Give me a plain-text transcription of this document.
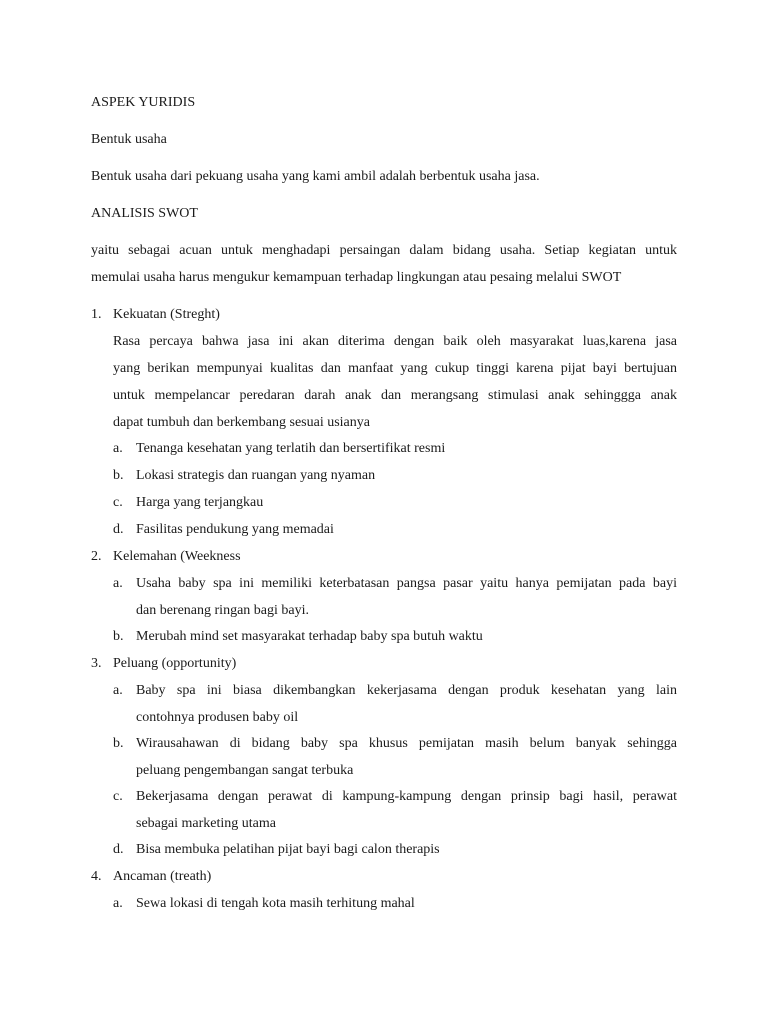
ASPEK YURIDIS
Bentuk usaha
Bentuk usaha dari pekuang usaha yang kami ambil adalah berbentuk usaha jasa.
ANALISIS SWOT
yaitu sebagai acuan untuk menghadapi persaingan dalam bidang usaha. Setiap kegiatan untuk
memulai usaha harus mengukur kemampuan terhadap lingkungan atau pesaing melalui SWOT
1. Kekuatan (Streght)
Rasa percaya bahwa jasa ini akan diterima dengan baik oleh masyarakat luas,karena jasa
yang berikan mempunyai kualitas dan manfaat yang cukup tinggi karena pijat bayi bertujuan
untuk mempelancar peredaran darah anak dan merangsang stimulasi anak sehinggga anak
dapat tumbuh dan berkembang sesuai usianya
a. Tenanga kesehatan yang terlatih dan bersertifikat resmi
b. Lokasi strategis dan ruangan yang nyaman
c. Harga yang terjangkau
d. Fasilitas pendukung yang memadai
2. Kelemahan (Weekness
a. Usaha baby spa ini memiliki keterbatasan pangsa pasar yaitu hanya pemijatan pada bayi
dan berenang ringan bagi bayi.
b. Merubah mind set masyarakat terhadap baby spa butuh waktu
3. Peluang (opportunity)
a. Baby spa ini biasa dikembangkan kekerjasama dengan produk kesehatan yang lain
contohnya produsen baby oil
b. Wirausahawan di bidang baby spa khusus pemijatan masih belum banyak sehingga
peluang pengembangan sangat terbuka
c. Bekerjasama dengan perawat di kampung-kampung dengan prinsip bagi hasil, perawat
sebagai marketing utama
d. Bisa membuka pelatihan pijat bayi bagi calon therapis
4. Ancaman (treath)
a. Sewa lokasi di tengah kota masih terhitung mahal
